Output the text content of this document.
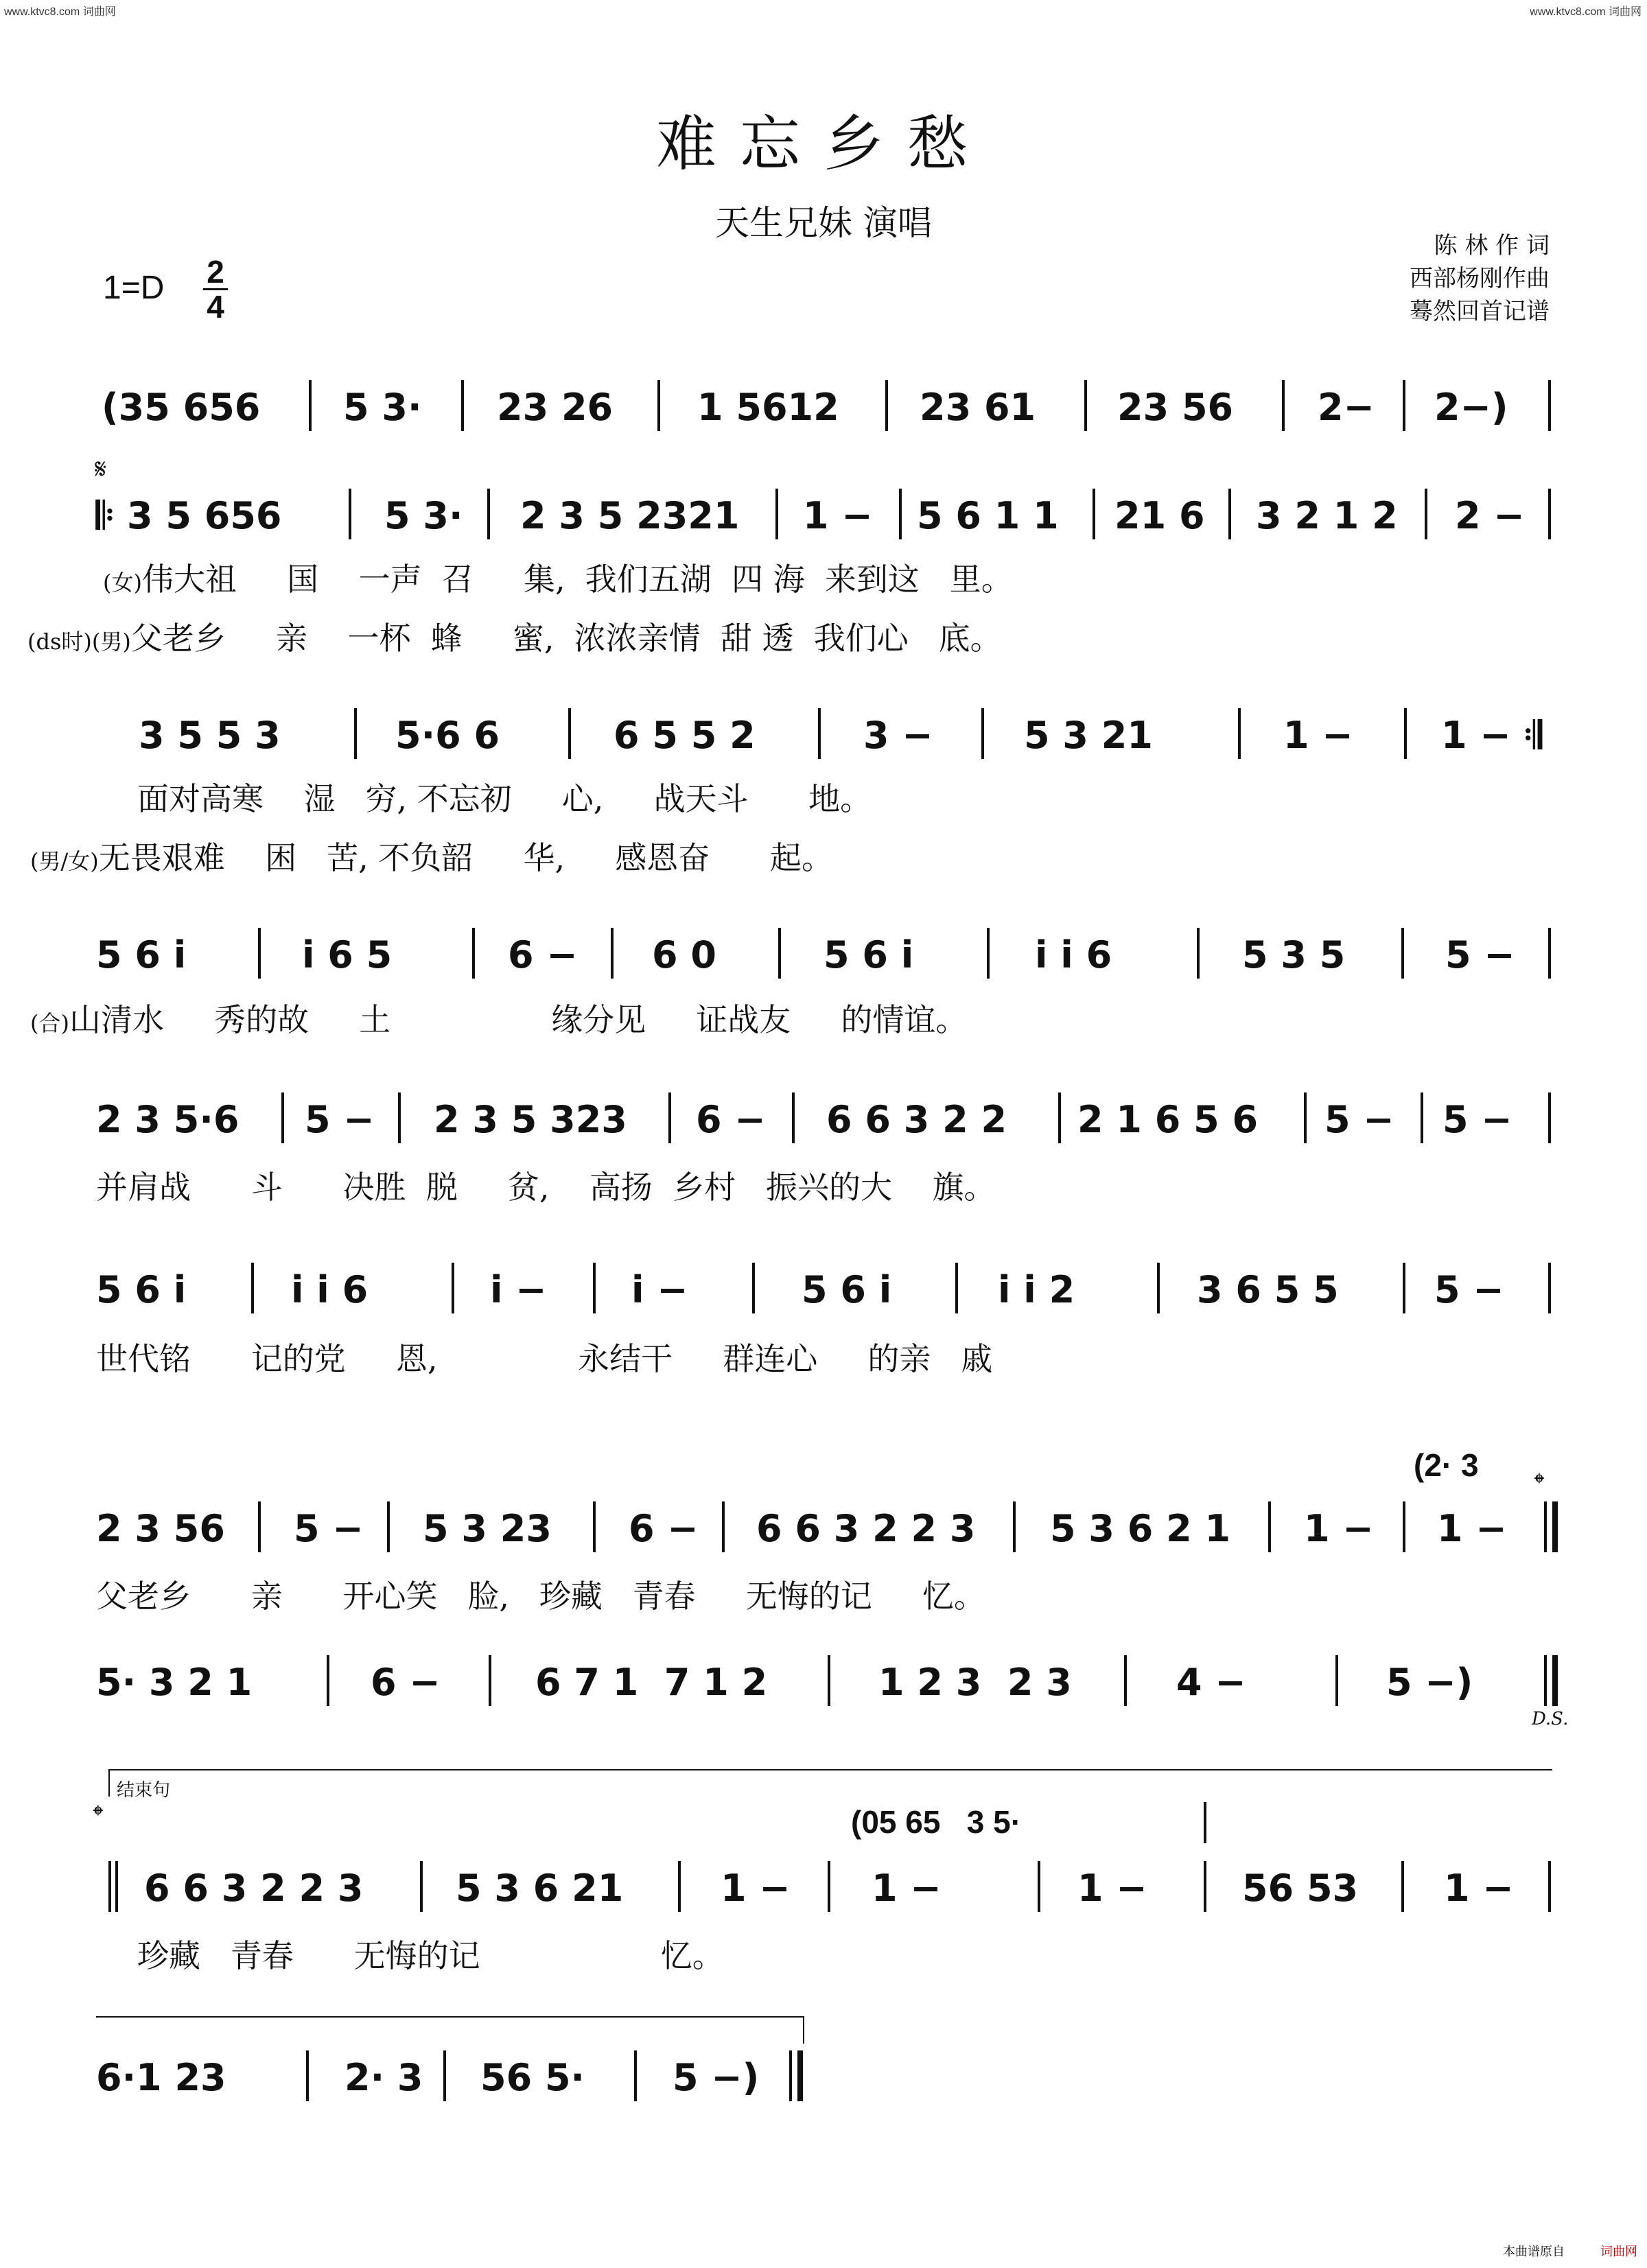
www.ktvc8.com 词曲网	www.ktvc8.com 词曲网
难忘乡愁
天生兄妹 演唱
陈 林 作 词
西部杨刚作曲
蓦然回首记谱
1=D 2
4
𝄋
(35 656 5 3· 23 26 1 5612 23 61 23 56 2− 2−)
𝄆 3 5 656	5 3· 2 3 5 2321 1 − 5 6 1 1 21 6 3 2 1 2 2 −
(女)伟大祖     国    一声  召     集,  我们五湖  四 海  来到这   里。
(ds时)(男)父老乡     亲    一杯  蜂     蜜,  浓浓亲情  甜 透  我们心   底。
3 5 5 3	5·6 6	6 5 5 2	3 − 5 3 21	1 − 1 − 𝄇
面对高寒    湿   穷, 不忘初     心,     战天斗      地。
(男/女)无畏艰难    困   苦, 不负韶     华,     感恩奋      起。
5 6 i	i 6 5	6 − 6 0	5 6 i	i i 6	5 3 5	5 −
(合)山清水     秀的故     土                缘分见     证战友     的情谊。
2 3 5·6 5 − 2 3 5 323 6 − 6 6 3 2 2 2 1 6 5 6 5 − 5 −
并肩战      斗      决胜  脱     贫,    高扬  乡村   振兴的大    旗。
5 6 i	i i 6	i − i −	5 6 i	i i 2	3 6 5 5	5 −
世代铭      记的党     恩,              永结干     群连心     的亲   戚
(2· 3
𝄌
2 3 56 5 − 5 3 23 6 − 6 6 3 2 2 3 5 3 6 2 1 1 − 1 −
父老乡      亲      开心笑   脸,   珍藏   青春     无悔的记     忆。
5· 3 2 1	6 −	6 7 1  7 1 2	1 2 3  2 3	4 −	5 −)
D.S.
结束句
𝄌	(05 65   3 5·
6 6 3 2 2 3 5 3 6 21	1 − 1 −	1 −	56 53 1 −
珍藏   青春      无悔的记                  忆。
6·1 23	2· 3 56 5· 5 −)
本曲谱原自	词曲网
